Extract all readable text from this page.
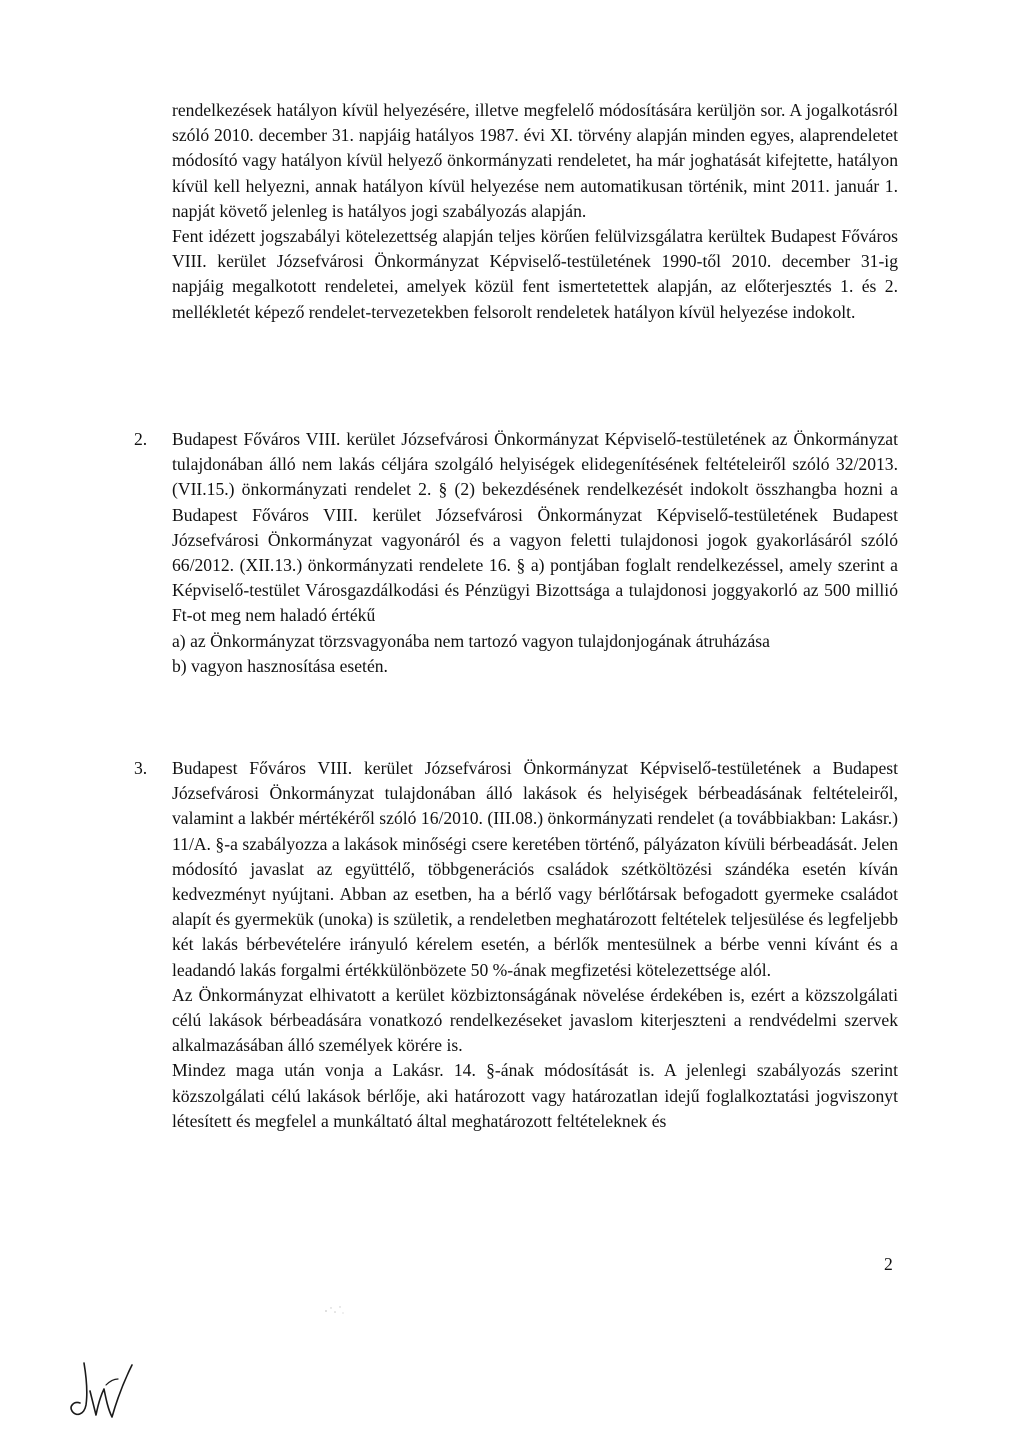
rendelkezések hatályon kívül helyezésére, illetve megfelelő módosítására kerüljön sor. A jogalkotásról szóló 2010. december 31. napjáig hatályos 1987. évi XI. törvény alapján minden egyes, alaprendeletet módosító vagy hatályon kívül helyező önkormányzati rendeletet, ha már joghatását kifejtette, hatályon kívül kell helyezni, annak hatályon kívül helyezése nem automatikusan történik, mint 2011. január 1. napját követő jelenleg is hatályos jogi szabályozás alapján.

Fent idézett jogszabályi kötelezettség alapján teljes körűen felülvizsgálatra kerültek Budapest Főváros VIII. kerület Józsefvárosi Önkormányzat Képviselő-testületének 1990-től 2010. december 31-ig napjáig megalkotott rendeletei, amelyek közül fent ismertetettek alapján, az előterjesztés 1. és 2. mellékletét képező rendelet-tervezetekben felsorolt rendeletek hatályon kívül helyezése indokolt.

2.	Budapest Főváros VIII. kerület Józsefvárosi Önkormányzat Képviselő-testületének az Önkormányzat tulajdonában álló nem lakás céljára szolgáló helyiségek elidegenítésének feltételeiről szóló 32/2013. (VII.15.) önkormányzati rendelet 2. § (2) bekezdésének rendelkezését indokolt összhangba hozni a Budapest Főváros VIII. kerület Józsefvárosi Önkormányzat Képviselő-testületének Budapest Józsefvárosi Önkormányzat vagyonáról és a vagyon feletti tulajdonosi jogok gyakorlásáról szóló 66/2012. (XII.13.) önkormányzati rendelete 16. § a) pontjában foglalt rendelkezéssel, amely szerint a Képviselő-testület Városgazdálkodási és Pénzügyi Bizottsága a tulajdonosi joggyakorló az 500 millió Ft-ot meg nem haladó értékű

a) az Önkormányzat törzsvagyonába nem tartozó vagyon tulajdonjogának átruházása

b) vagyon hasznosítása esetén.

3.	Budapest Főváros VIII. kerület Józsefvárosi Önkormányzat Képviselő-testületének a Budapest Józsefvárosi Önkormányzat tulajdonában álló lakások és helyiségek bérbeadásának feltételeiről, valamint a lakbér mértékéről szóló 16/2010. (III.08.) önkormányzati rendelet (a továbbiakban: Lakásr.) 11/A. §-a szabályozza a lakások minőségi csere keretében történő, pályázaton kívüli bérbeadását. Jelen módosító javaslat az együttélő, többgenerációs családok szétköltözési szándéka esetén kíván kedvezményt nyújtani. Abban az esetben, ha a bérlő vagy bérlőtársak befogadott gyermeke családot alapít és gyermekük (unoka) is születik, a rendeletben meghatározott feltételek teljesülése és legfeljebb két lakás bérbevételére irányuló kérelem esetén, a bérlők mentesülnek a bérbe venni kívánt és a leadandó lakás forgalmi értékkülönbözete 50 %-ának megfizetési kötelezettsége alól.

Az Önkormányzat elhivatott a kerület közbiztonságának növelése érdekében is, ezért a közszolgálati célú lakások bérbeadására vonatkozó rendelkezéseket javaslom kiterjeszteni a rendvédelmi szervek alkalmazásában álló személyek körére is.

Mindez maga után vonja a Lakásr. 14. §-ának módosítását is. A jelenlegi szabályozás szerint közszolgálati célú lakások bérlője, aki határozott vagy határozatlan idejű foglalkoztatási jogviszonyt létesített és megfelel a munkáltató által meghatározott feltételeknek és

2
